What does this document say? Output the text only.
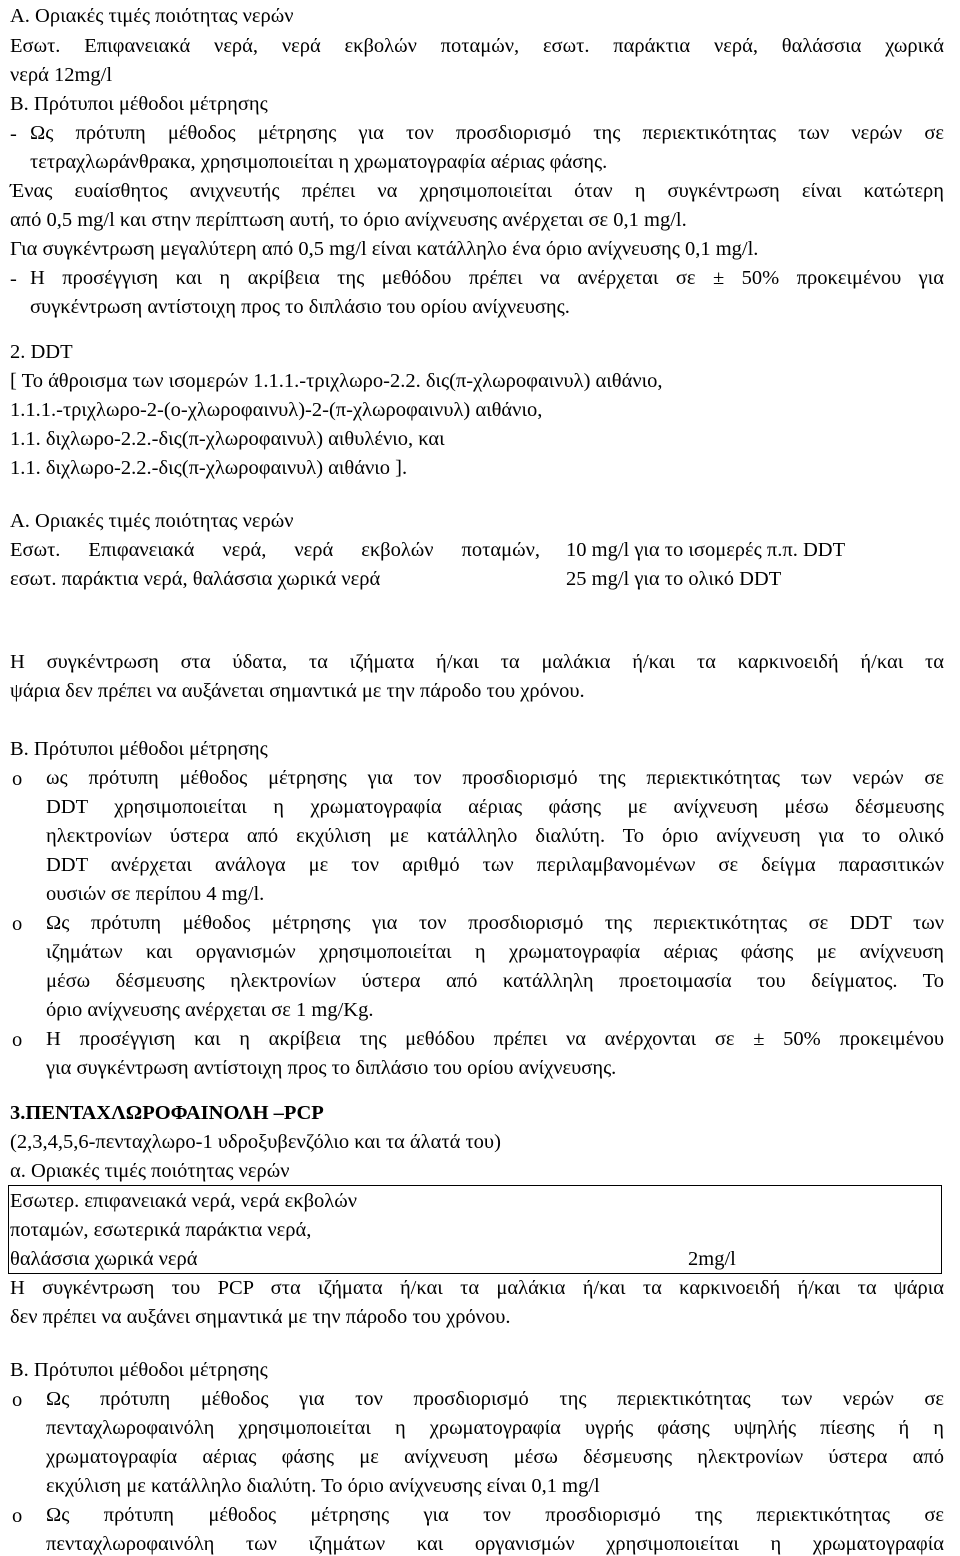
Α. Οριακές τιμές ποιότητας νερών
Εσωτ. Επιφανειακά νερά, νερά εκβολών ποταμών, εσωτ. παράκτια νερά, θαλάσσια χωρικά
νερά 12mg/l
Β. Πρότυποι μέθοδοι μέτρησης
- Ως πρότυπη μέθοδος μέτρησης για τον προσδιορισμό της περιεκτικότητας των νερών σε
τετραχλωράνθρακα, χρησιμοποιείται η χρωματογραφία αέριας φάσης.
Ένας ευαίσθητος ανιχνευτής πρέπει να χρησιμοποιείται όταν η συγκέντρωση είναι κατώτερη
από 0,5 mg/l και στην περίπτωση αυτή, το όριο ανίχνευσης ανέρχεται σε 0,1 mg/l.
Για συγκέντρωση μεγαλύτερη από 0,5 mg/l είναι κατάλληλο ένα όριο ανίχνευσης 0,1 mg/l.
- Η προσέγγιση και η ακρίβεια της μεθόδου πρέπει να ανέρχεται σε ± 50% προκειμένου για
συγκέντρωση αντίστοιχη προς το διπλάσιο του ορίου ανίχνευσης.
2. DDT
[ Το άθροισμα των ισομερών 1.1.1.-τριχλωρο-2.2. δις(π-χλωροφαινυλ) αιθάνιο,
1.1.1.-τριχλωρο-2-(ο-χλωροφαινυλ)-2-(π-χλωροφαινυλ) αιθάνιο,
1.1. διχλωρο-2.2.-δις(π-χλωροφαινυλ) αιθυλένιο, και
1.1. διχλωρο-2.2.-δις(π-χλωροφαινυλ) αιθάνιο ].
Α. Οριακές τιμές ποιότητας νερών
Εσωτ. Επιφανειακά νερά, νερά εκβολών ποταμών,
εσωτ. παράκτια νερά, θαλάσσια χωρικά νερά
10 mg/l για το ισομερές π.π. DDT
25 mg/l για το ολικό DDT
Η συγκέντρωση στα ύδατα, τα ιζήματα ή/και τα μαλάκια ή/και τα καρκινοειδή ή/και τα
ψάρια δεν πρέπει να αυξάνεται σημαντικά με την πάροδο του χρόνου.
Β. Πρότυποι μέθοδοι μέτρησης
ο ως πρότυπη μέθοδος μέτρησης για τον προσδιορισμό της περιεκτικότητας των νερών σε
DDT χρησιμοποιείται η χρωματογραφία αέριας φάσης με ανίχνευση μέσω δέσμευσης
ηλεκτρονίων ύστερα από εκχύλιση με κατάλληλο διαλύτη. Το όριο ανίχνευση για το ολικό
DDT ανέρχεται ανάλογα με τον αριθμό των περιλαμβανομένων σε δείγμα παρασιτικών
ουσιών σε περίπου 4 mg/l.
ο Ως πρότυπη μέθοδος μέτρησης για τον προσδιορισμό της περιεκτικότητας σε DDT των
ιζημάτων και οργανισμών χρησιμοποιείται η χρωματογραφία αέριας φάσης με ανίχνευση
μέσω δέσμευσης ηλεκτρονίων ύστερα από κατάλληλη προετοιμασία του δείγματος. Το
όριο ανίχνευσης ανέρχεται σε 1 mg/Kg.
ο Η προσέγγιση και η ακρίβεια της μεθόδου πρέπει να ανέρχονται σε ± 50% προκειμένου
για συγκέντρωση αντίστοιχη προς το διπλάσιο του ορίου ανίχνευσης.
3.ΠΕΝΤΑΧΛΩΡΟΦΑΙΝΟΛΗ –PCP
(2,3,4,5,6-πενταχλωρο-1 υδροξυβενζόλιο και τα άλατά του)
α. Οριακές τιμές ποιότητας νερών
Εσωτερ. επιφανειακά νερά, νερά εκβολών
ποταμών, εσωτερικά παράκτια νερά,
θαλάσσια χωρικά νερά	2mg/l
Η συγκέντρωση του PCP στα ιζήματα ή/και τα μαλάκια ή/και τα καρκινοειδή ή/και τα ψάρια
δεν πρέπει να αυξάνει σημαντικά με την πάροδο του χρόνου.
Β. Πρότυποι μέθοδοι μέτρησης
ο Ως πρότυπη μέθοδος για τον προσδιορισμό της περιεκτικότητας των νερών σε
πενταχλωροφαινόλη χρησιμοποιείται η χρωματογραφία υγρής φάσης υψηλής πίεσης ή η
χρωματογραφία αέριας φάσης με ανίχνευση μέσω δέσμευσης ηλεκτρονίων ύστερα από
εκχύλιση με κατάλληλο διαλύτη. Το όριο ανίχνευσης είναι 0,1 mg/l
ο Ως πρότυπη μέθοδος μέτρησης για τον προσδιορισμό της περιεκτικότητας σε
πενταχλωροφαινόλη των ιζημάτων και οργανισμών χρησιμοποιείται η χρωματογραφία
